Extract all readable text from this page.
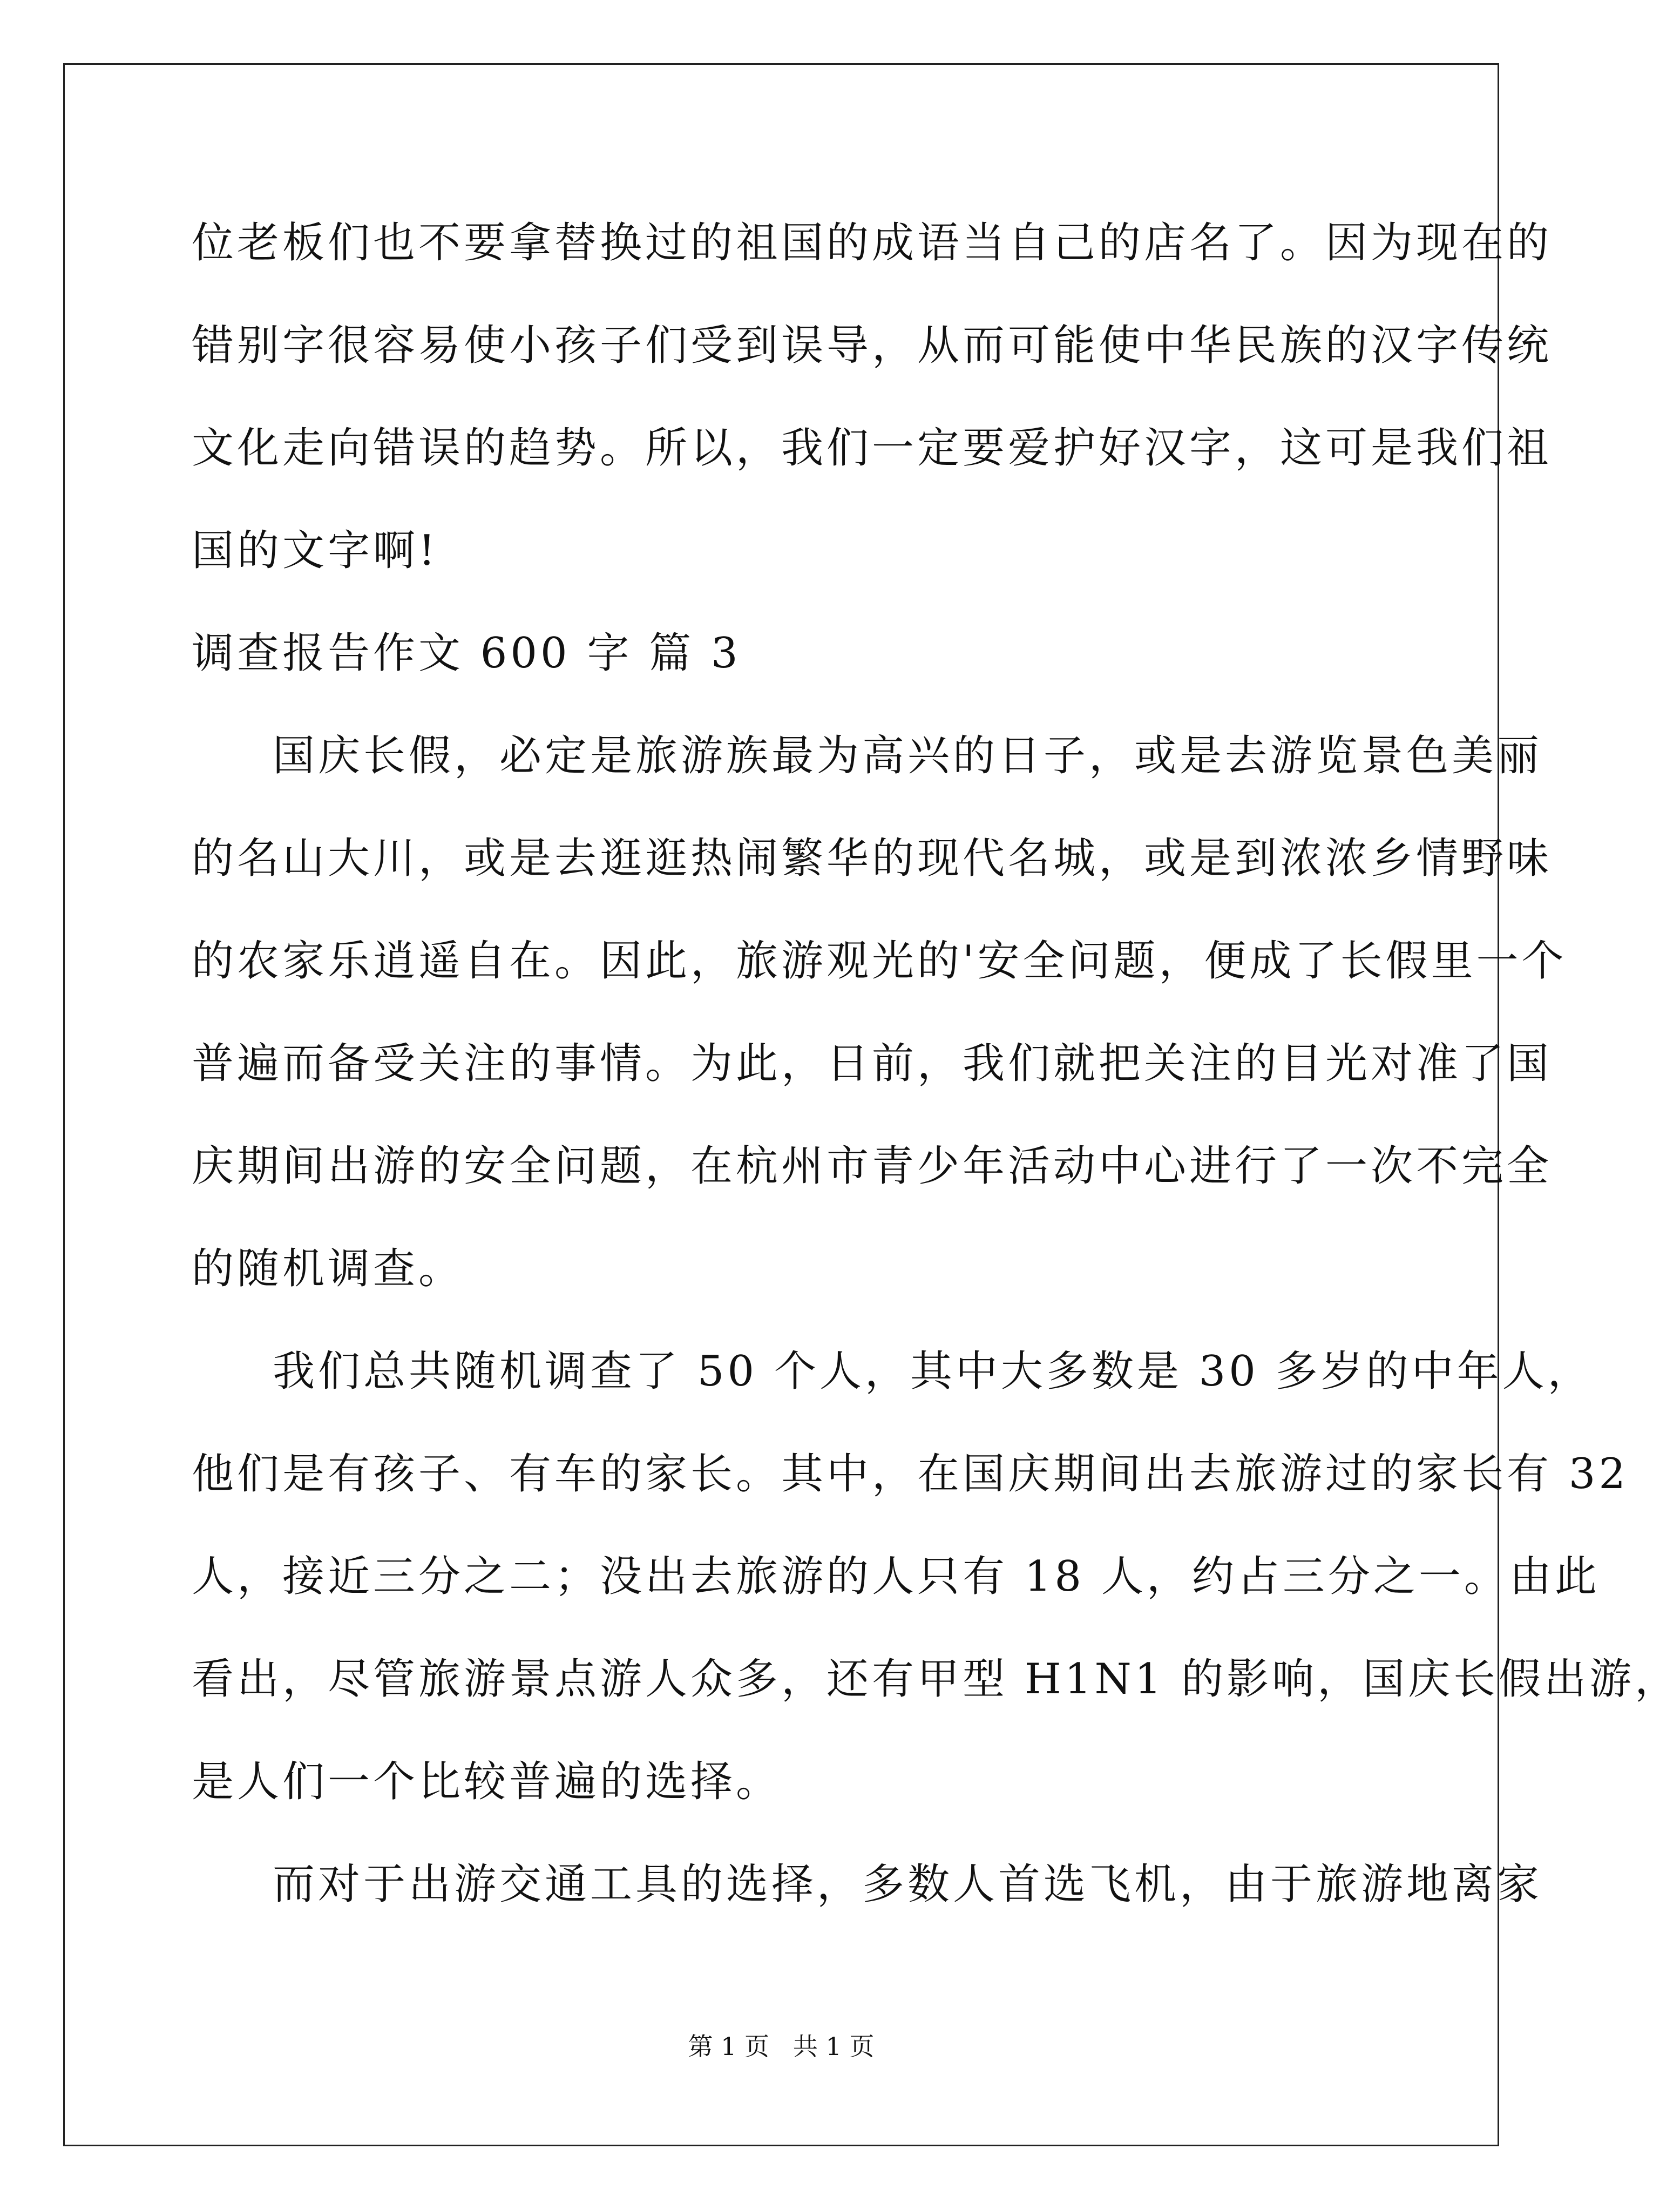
位老板们也不要拿替换过的祖国的成语当自己的店名了。因为现在的
错别字很容易使小孩子们受到误导，从而可能使中华民族的汉字传统
文化走向错误的趋势。所以，我们一定要爱护好汉字，这可是我们祖
国的文字啊!
调查报告作文 600 字 篇 3
国庆长假，必定是旅游族最为高兴的日子，或是去游览景色美丽
的名山大川，或是去逛逛热闹繁华的现代名城，或是到浓浓乡情野味
的农家乐逍遥自在。因此，旅游观光的'安全问题，便成了长假里一个
普遍而备受关注的事情。为此，日前，我们就把关注的目光对准了国
庆期间出游的安全问题，在杭州市青少年活动中心进行了一次不完全
的随机调查。
我们总共随机调查了 50 个人，其中大多数是 30 多岁的中年人，
他们是有孩子、有车的家长。其中，在国庆期间出去旅游过的家长有 32
人，接近三分之二；没出去旅游的人只有 18 人，约占三分之一。由此
看出，尽管旅游景点游人众多，还有甲型 H1N1 的影响，国庆长假出游，
是人们一个比较普遍的选择。
而对于出游交通工具的选择，多数人首选飞机，由于旅游地离家
第 1 页   共 1 页
